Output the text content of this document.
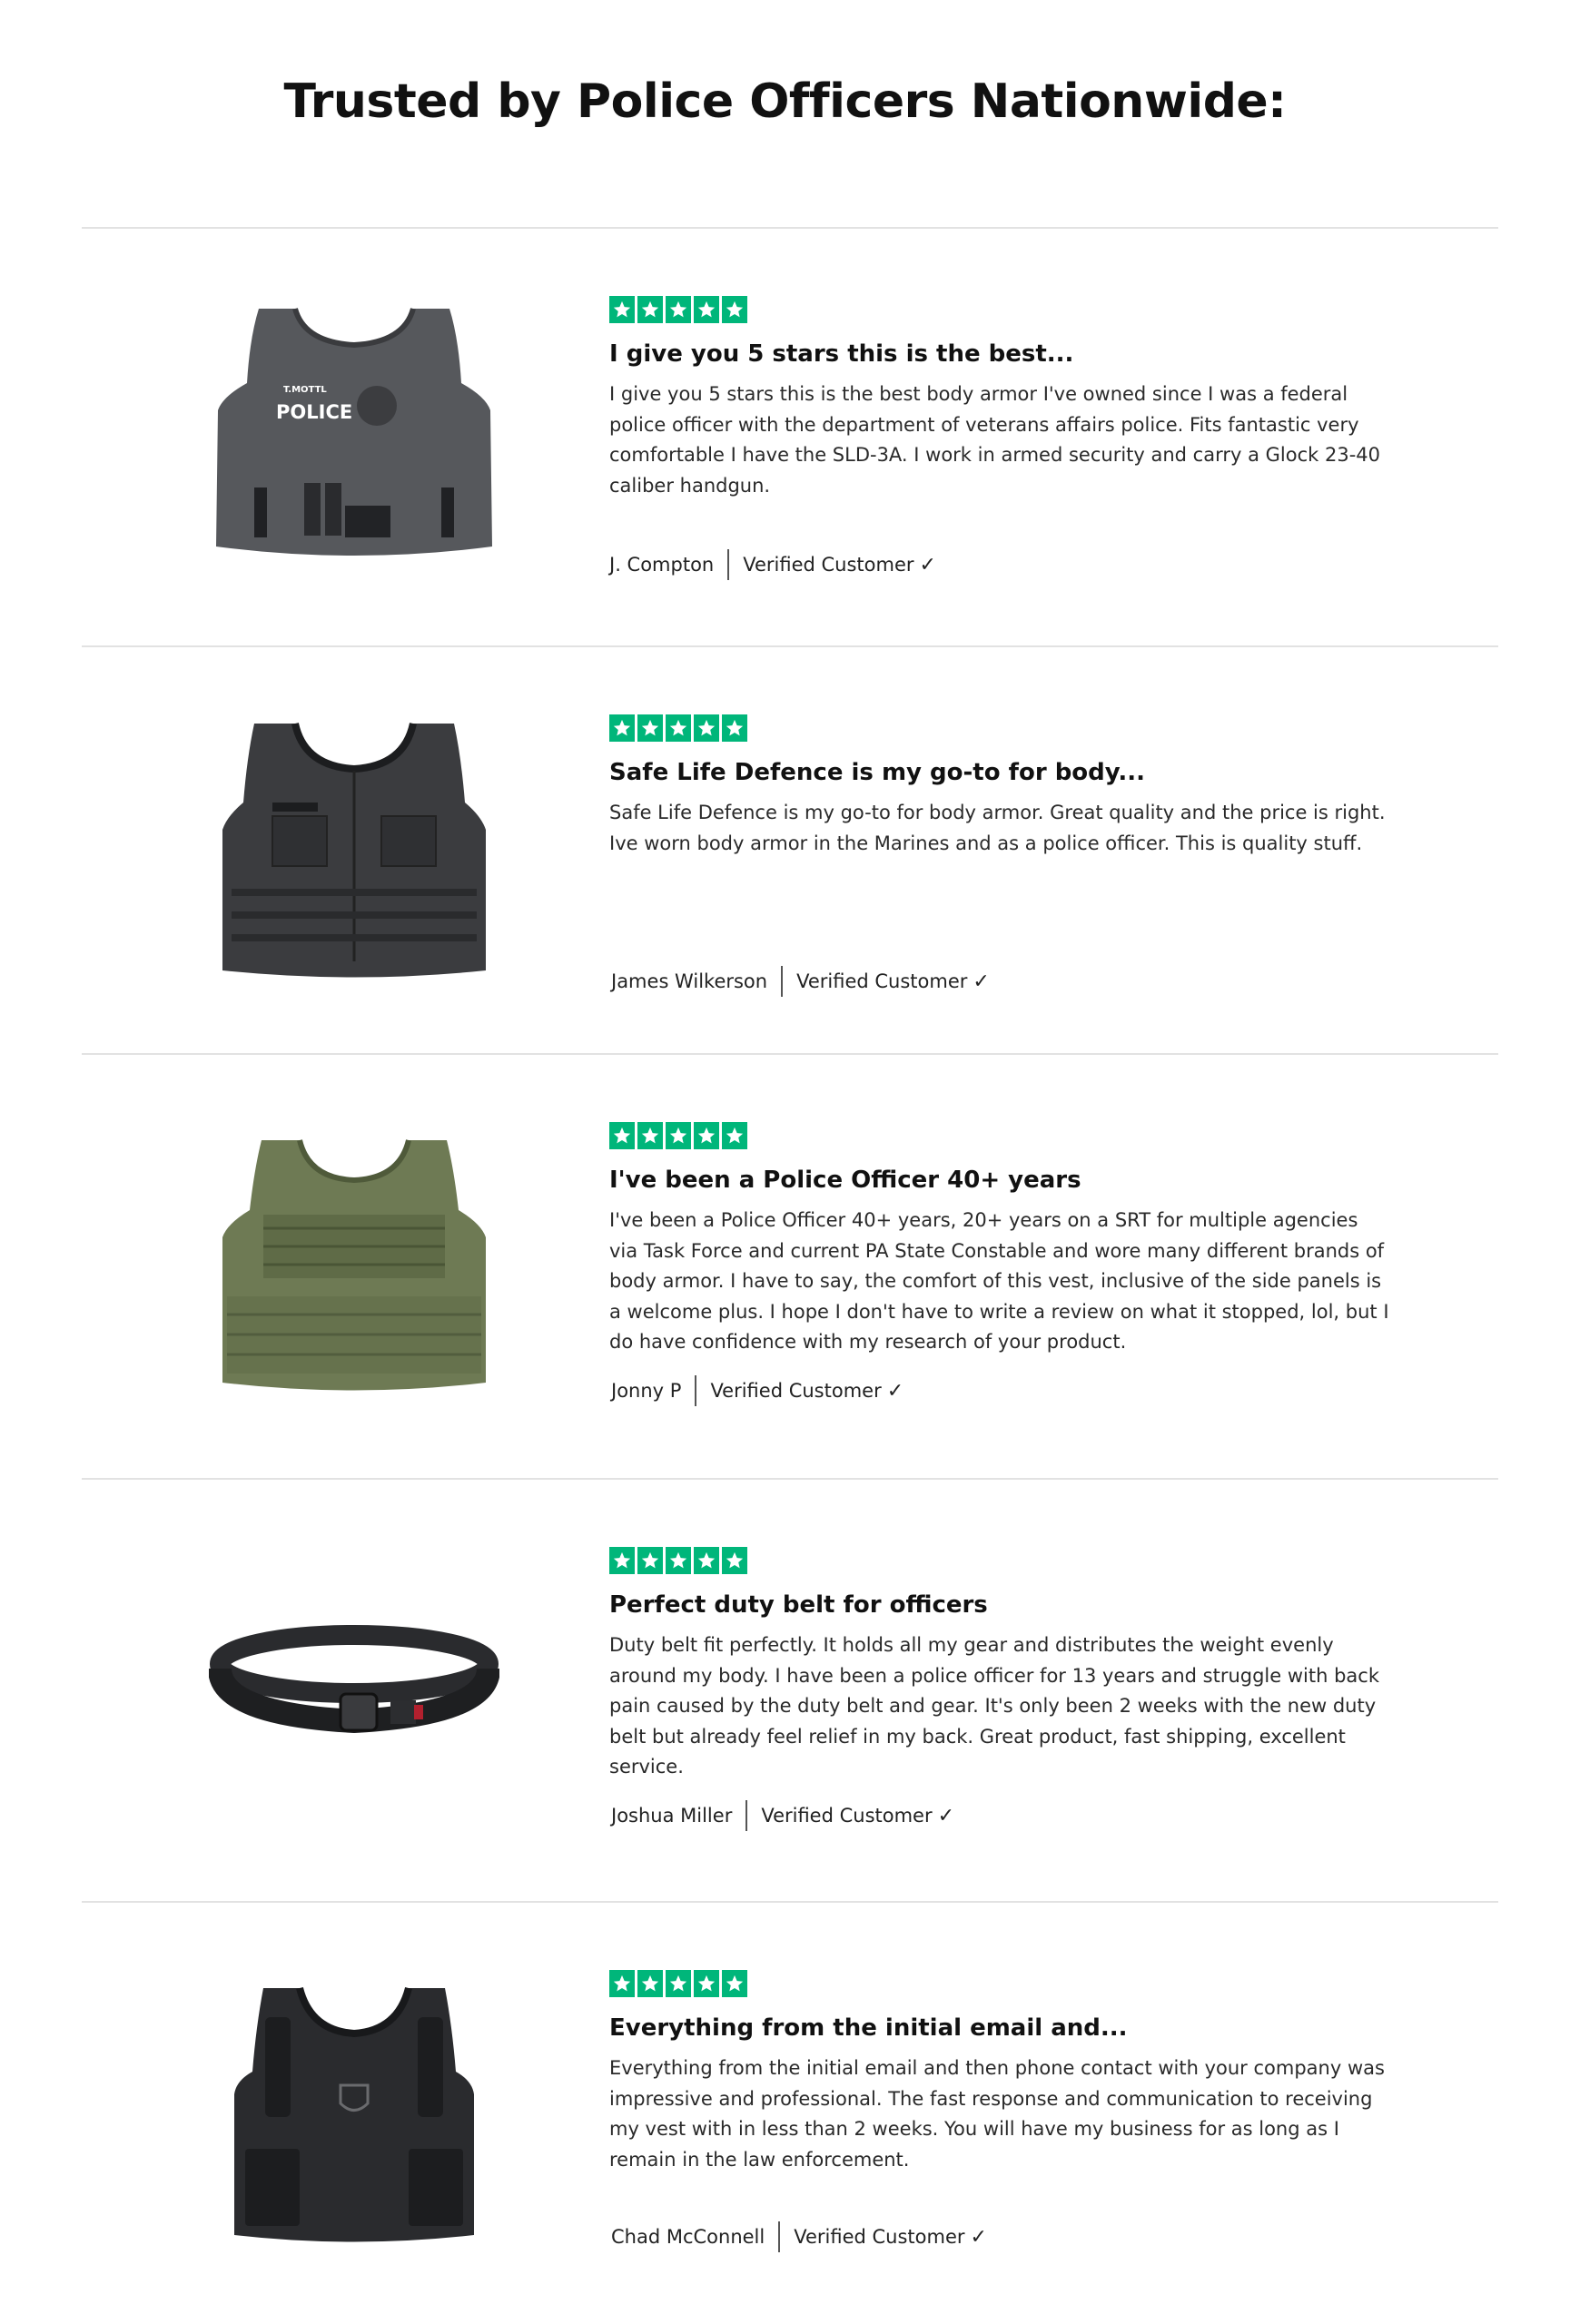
Trusted by Police Officers Nationwide:
T.MOTTL
POLICE
I give you 5 stars this is the best...
I give you 5 stars this is the best body armor I've owned since I was a federal police officer with the department of veterans affairs police. Fits fantastic very comfortable I have the SLD-3A. I work in armed security and carry a Glock 23-40 caliber handgun.
J. Compton Verified Customer ✓
Safe Life Defence is my go-to for body...
Safe Life Defence is my go-to for body armor. Great quality and the price is right. Ive worn body armor in the Marines and as a police officer. This is quality stuff.
James Wilkerson Verified Customer ✓
I've been a Police Officer 40+ years
I've been a Police Officer 40+ years, 20+ years on a SRT for multiple agencies via Task Force and current PA State Constable and wore many different brands of body armor. I have to say, the comfort of this vest, inclusive of the side panels is a welcome plus. I hope I don't have to write a review on what it stopped, lol, but I do have confidence with my research of your product.
Jonny P Verified Customer ✓
Perfect duty belt for officers
Duty belt fit perfectly. It holds all my gear and distributes the weight evenly around my body. I have been a police officer for 13 years and struggle with back pain caused by the duty belt and gear. It's only been 2 weeks with the new duty belt but already feel relief in my back. Great product, fast shipping, excellent service.
Joshua Miller Verified Customer ✓
Everything from the initial email and...
Everything from the initial email and then phone contact with your company was impressive and professional. The fast response and communication to receiving my vest with in less than 2 weeks. You will have my business for as long as I remain in the law enforcement.
Chad McConnell Verified Customer ✓
